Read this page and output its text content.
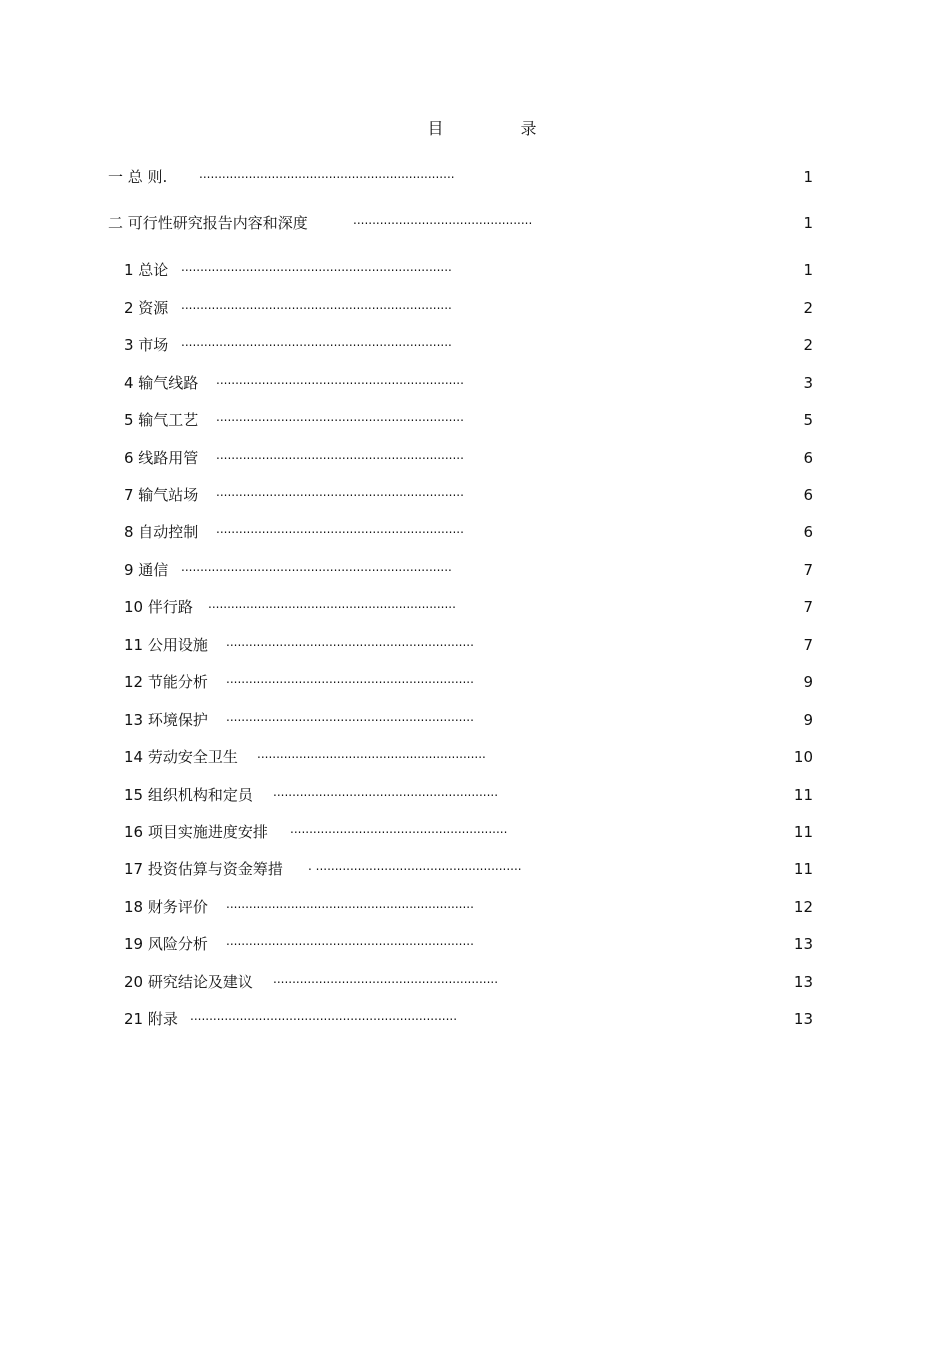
目 录
一 总 则.	...................................................................	1
二 可行性研究报告内容和深度	...............................................	1
1 总论 .......................................................................	1
2 资源 .......................................................................	2
3 市场 .......................................................................	2
4 输气线路 .................................................................	3
5 输气工艺 .................................................................	5
6 线路用管 .................................................................	6
7 输气站场 .................................................................	6
8 自动控制 .................................................................	6
9 通信 .......................................................................	7
10 伴行路 .................................................................	7
11 公用设施 .................................................................	7
12 节能分析 .................................................................	9
13 环境保护 .................................................................	9
14 劳动安全卫生 ............................................................	10
15 组织机构和定员 ...........................................................	11
16 项目实施进度安排 .........................................................	11
17 投资估算与资金筹措 . ......................................................	11
18 财务评价 .................................................................	12
19 风险分析 .................................................................	13
20 研究结论及建议 ...........................................................	13
21 附录 ......................................................................	13
